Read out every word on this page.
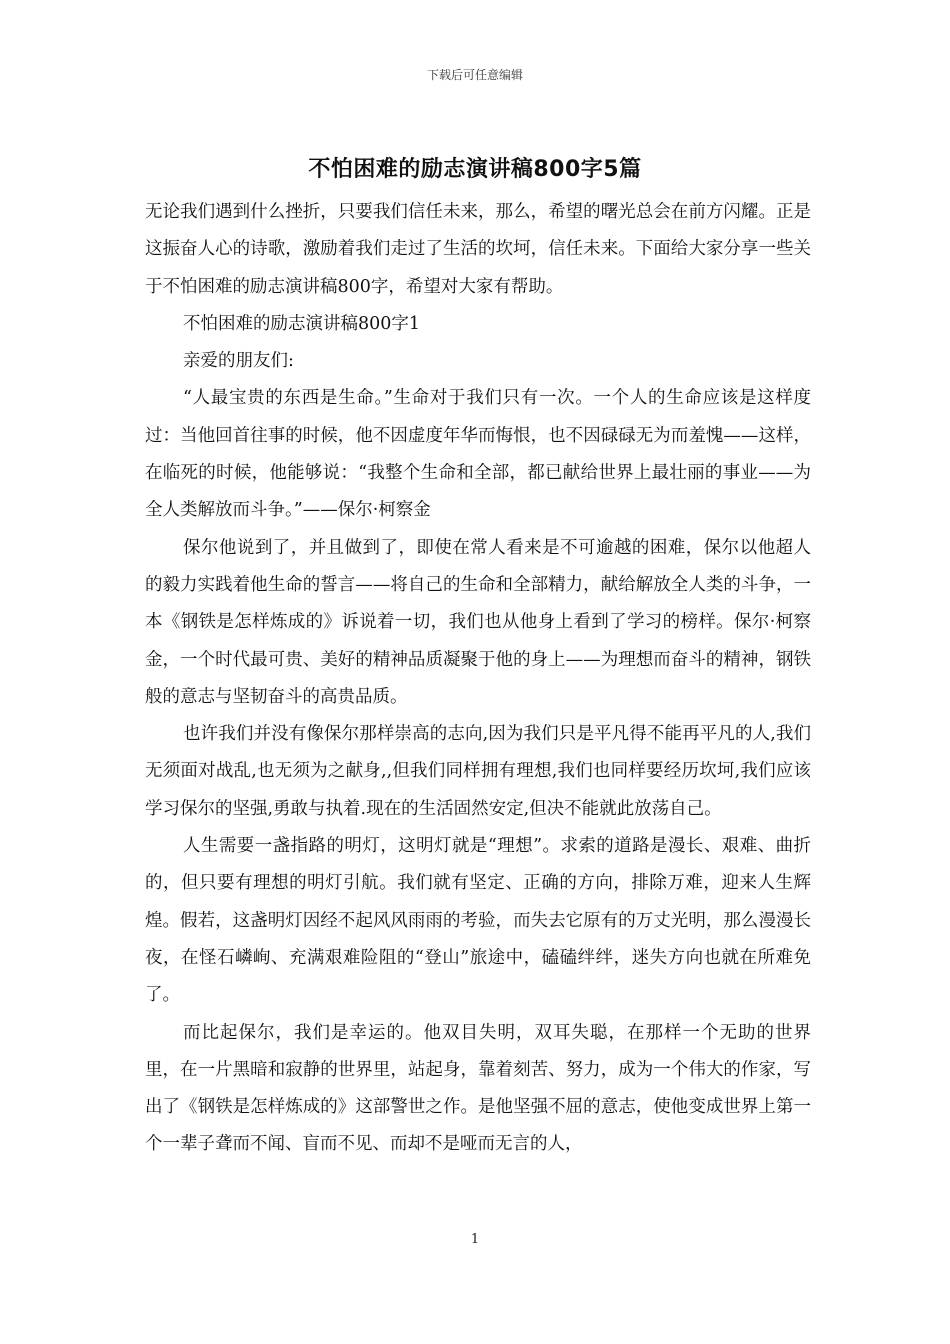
下载后可任意编辑
不怕困难的励志演讲稿800字5篇

无论我们遇到什么挫折，只要我们信任未来，那么，希望的曙光总会在前方闪耀。正是这振奋人心的诗歌，激励着我们走过了生活的坎坷，信任未来。下面给大家分享一些关于不怕困难的励志演讲稿800字，希望对大家有帮助。

不怕困难的励志演讲稿800字1

亲爱的朋友们:

“人最宝贵的东西是生命。”生命对于我们只有一次。一个人的生命应该是这样度过：当他回首往事的时候，他不因虚度年华而悔恨，也不因碌碌无为而羞愧——这样，在临死的时候，他能够说：“我整个生命和全部，都已献给世界上最壮丽的事业——为全人类解放而斗争。”——保尔·柯察金

保尔他说到了，并且做到了，即使在常人看来是不可逾越的困难，保尔以他超人的毅力实践着他生命的誓言——将自己的生命和全部精力，献给解放全人类的斗争，一本《钢铁是怎样炼成的》诉说着一切，我们也从他身上看到了学习的榜样。保尔·柯察金，一个时代最可贵、美好的精神品质凝聚于他的身上——为理想而奋斗的精神，钢铁般的意志与坚韧奋斗的高贵品质。

也许我们并没有像保尔那样崇高的志向,因为我们只是平凡得不能再平凡的人,我们无须面对战乱,也无须为之献身,,但我们同样拥有理想,我们也同样要经历坎坷,我们应该学习保尔的坚强,勇敢与执着.现在的生活固然安定,但决不能就此放荡自己。

人生需要一盏指路的明灯，这明灯就是“理想”。求索的道路是漫长、艰难、曲折的，但只要有理想的明灯引航。我们就有坚定、正确的方向，排除万难，迎来人生辉煌。假若，这盏明灯因经不起风风雨雨的考验，而失去它原有的万丈光明，那么漫漫长夜，在怪石嶙峋、充满艰难险阻的“登山”旅途中，磕磕绊绊，迷失方向也就在所难免了。

而比起保尔，我们是幸运的。他双目失明，双耳失聪，在那样一个无助的世界里，在一片黑暗和寂静的世界里，站起身，靠着刻苦、努力，成为一个伟大的作家，写出了《钢铁是怎样炼成的》这部警世之作。是他坚强不屈的意志，使他变成世界上第一个一辈子聋而不闻、盲而不见、而却不是哑而无言的人，

1
